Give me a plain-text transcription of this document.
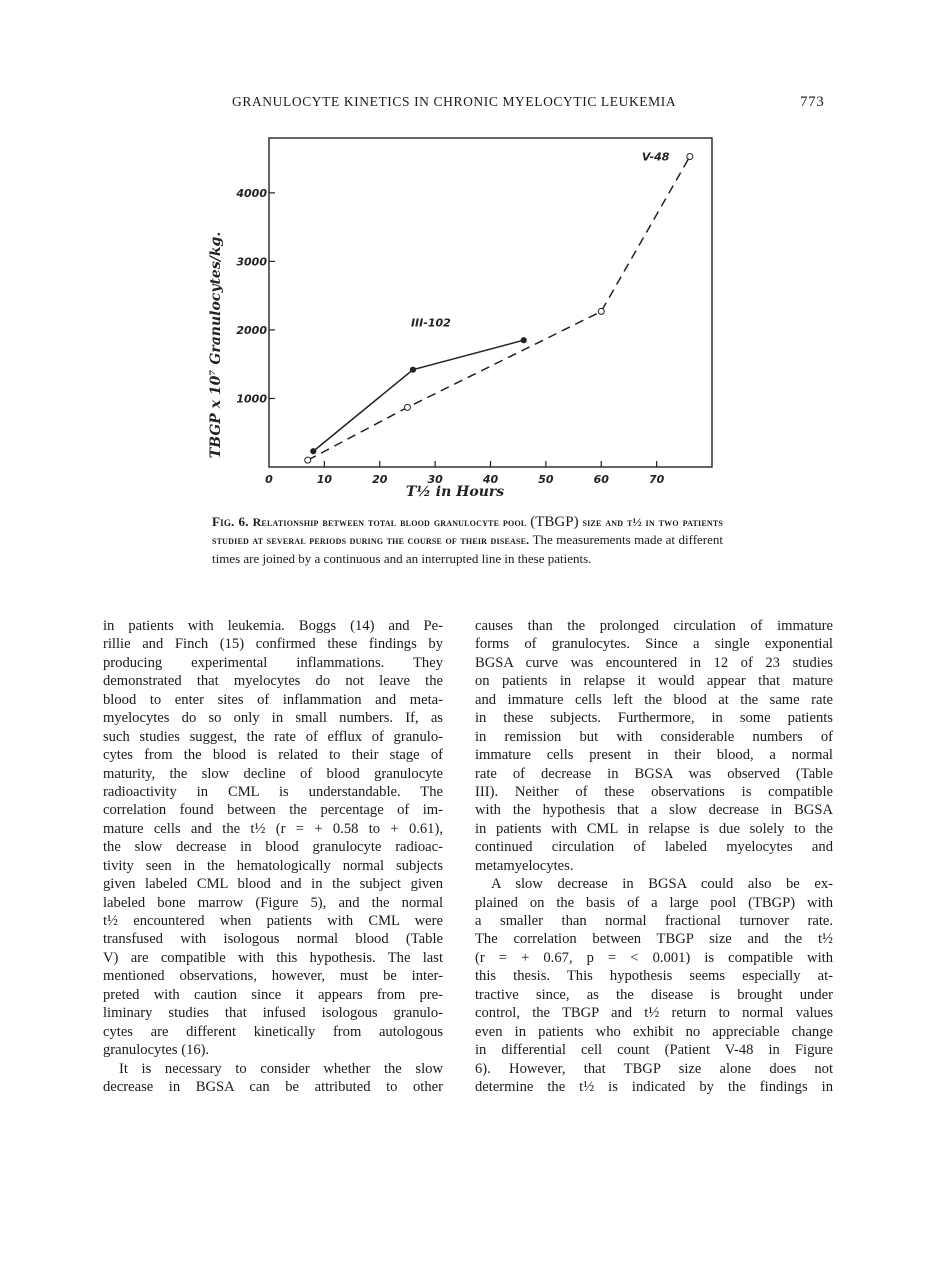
GRANULOCYTE KINETICS IN CHRONIC MYELOCYTIC LEUKEMIA	773
0	10	20	30	40	50	60	70
1000
2000
3000
4000
III-102
V-48
TBGP x 10⁷ Granulocytes/kg.
T½ in Hours
Fig. 6. Relationship between total blood granulocyte pool (TBGP) size and t½ in two patients studied at several periods during the course of their disease. The measurements made at different times are joined by a continuous and an interrupted line in these patients.
in patients with leukemia. Boggs (14) and Pe-
rillie and Finch (15) confirmed these findings by
producing experimental inflammations. They
demonstrated that myelocytes do not leave the
blood to enter sites of inflammation and meta-
myelocytes do so only in small numbers. If, as
such studies suggest, the rate of efflux of granulo-
cytes from the blood is related to their stage of
maturity, the slow decline of blood granulocyte
radioactivity in CML is understandable. The
correlation found between the percentage of im-
mature cells and the t½ (r = + 0.58 to + 0.61),
the slow decrease in blood granulocyte radioac-
tivity seen in the hematologically normal subjects
given labeled CML blood and in the subject given
labeled bone marrow (Figure 5), and the normal
t½ encountered when patients with CML were
transfused with isologous normal blood (Table
V) are compatible with this hypothesis. The last
mentioned observations, however, must be inter-
preted with caution since it appears from pre-
liminary studies that infused isologous granulo-
cytes are different kinetically from autologous
granulocytes (16).
It is necessary to consider whether the slow
decrease in BGSA can be attributed to other
causes than the prolonged circulation of immature
forms of granulocytes. Since a single exponential
BGSA curve was encountered in 12 of 23 studies
on patients in relapse it would appear that mature
and immature cells left the blood at the same rate
in these subjects. Furthermore, in some patients
in remission but with considerable numbers of
immature cells present in their blood, a normal
rate of decrease in BGSA was observed (Table
III). Neither of these observations is compatible
with the hypothesis that a slow decrease in BGSA
in patients with CML in relapse is due solely to the
continued circulation of labeled myelocytes and
metamyelocytes.
A slow decrease in BGSA could also be ex-
plained on the basis of a large pool (TBGP) with
a smaller than normal fractional turnover rate.
The correlation between TBGP size and the t½
(r = + 0.67, p = < 0.001) is compatible with
this thesis. This hypothesis seems especially at-
tractive since, as the disease is brought under
control, the TBGP and t½ return to normal values
even in patients who exhibit no appreciable change
in differential cell count (Patient V-48 in Figure
6). However, that TBGP size alone does not
determine the t½ is indicated by the findings in
